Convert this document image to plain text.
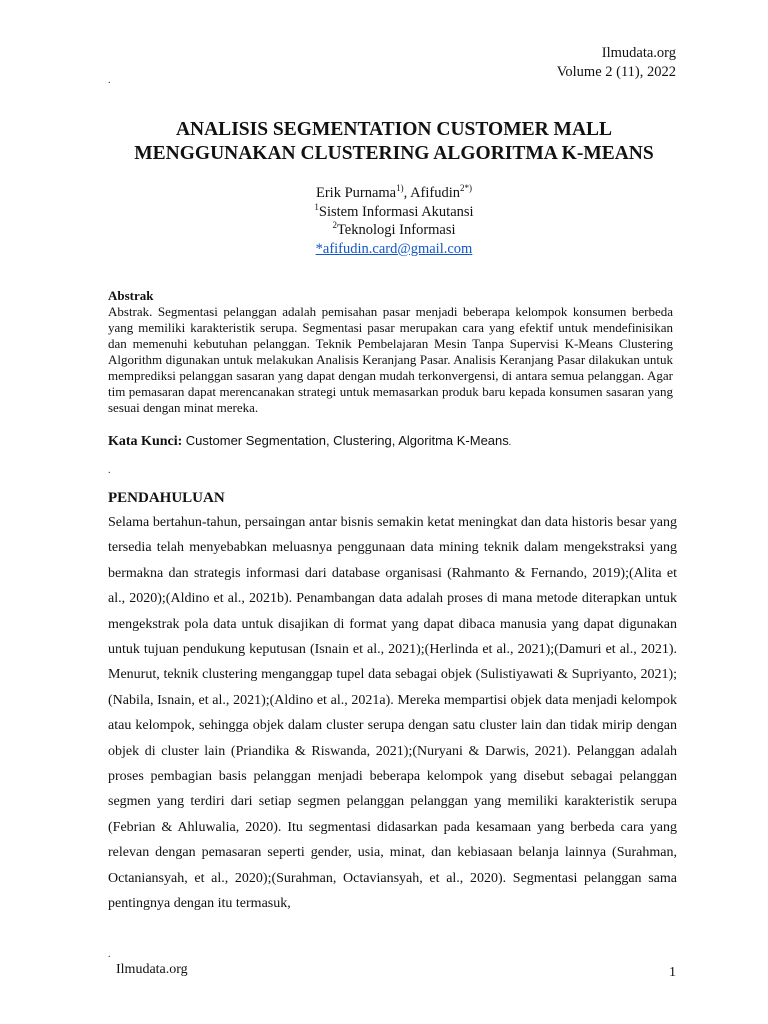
Ilmudata.org
Volume 2 (11), 2022
.
ANALISIS SEGMENTATION CUSTOMER MALL
MENGGUNAKAN CLUSTERING ALGORITMA K-MEANS
Erik Purnama$^{1)}$, Afifudin$^{2*)}$
$^1$Sistem Informasi Akutansi
$^2$Teknologi Informasi
*afifudin.card@gmail.com
Abstrak
Abstrak. Segmentasi pelanggan adalah pemisahan pasar menjadi beberapa kelompok konsumen berbeda yang memiliki karakteristik serupa. Segmentasi pasar merupakan cara yang efektif untuk mendefinisikan dan memenuhi kebutuhan pelanggan. Teknik Pembelajaran Mesin Tanpa Supervisi K-Means Clustering Algorithm digunakan untuk melakukan Analisis Keranjang Pasar. Analisis Keranjang Pasar dilakukan untuk memprediksi pelanggan sasaran yang dapat dengan mudah terkonvergensi, di antara semua pelanggan. Agar tim pemasaran dapat merencanakan strategi untuk memasarkan produk baru kepada konsumen sasaran yang sesuai dengan minat mereka.
Kata Kunci: Customer Segmentation, Clustering, Algoritma K-Means.
.
PENDAHULUAN
Selama bertahun-tahun, persaingan antar bisnis semakin ketat meningkat dan data historis besar yang tersedia telah menyebabkan meluasnya penggunaan data mining teknik dalam mengekstraksi yang bermakna dan strategis informasi dari database organisasi (Rahmanto & Fernando, 2019);(Alita et al., 2020);(Aldino et al., 2021b). Penambangan data adalah proses di mana metode diterapkan untuk mengekstrak pola data untuk disajikan di format yang dapat dibaca manusia yang dapat digunakan untuk tujuan pendukung keputusan (Isnain et al., 2021);(Herlinda et al., 2021);(Damuri et al., 2021). Menurut, teknik clustering menganggap tupel data sebagai objek (Sulistiyawati & Supriyanto, 2021);(Nabila, Isnain, et al., 2021);(Aldino et al., 2021a). Mereka mempartisi objek data menjadi kelompok atau kelompok, sehingga objek dalam cluster serupa dengan satu cluster lain dan tidak mirip dengan objek di cluster lain (Priandika & Riswanda, 2021);(Nuryani & Darwis, 2021). Pelanggan adalah proses pembagian basis pelanggan menjadi beberapa kelompok yang disebut sebagai pelanggan segmen yang terdiri dari setiap segmen pelanggan pelanggan yang memiliki karakteristik serupa (Febrian & Ahluwalia, 2020). Itu segmentasi didasarkan pada kesamaan yang berbeda cara yang relevan dengan pemasaran seperti gender, usia, minat, dan kebiasaan belanja lainnya (Surahman, Octaniansyah, et al., 2020);(Surahman, Octaviansyah, et al., 2020). Segmentasi pelanggan sama pentingnya dengan itu termasuk,
.
Ilmudata.org	1
